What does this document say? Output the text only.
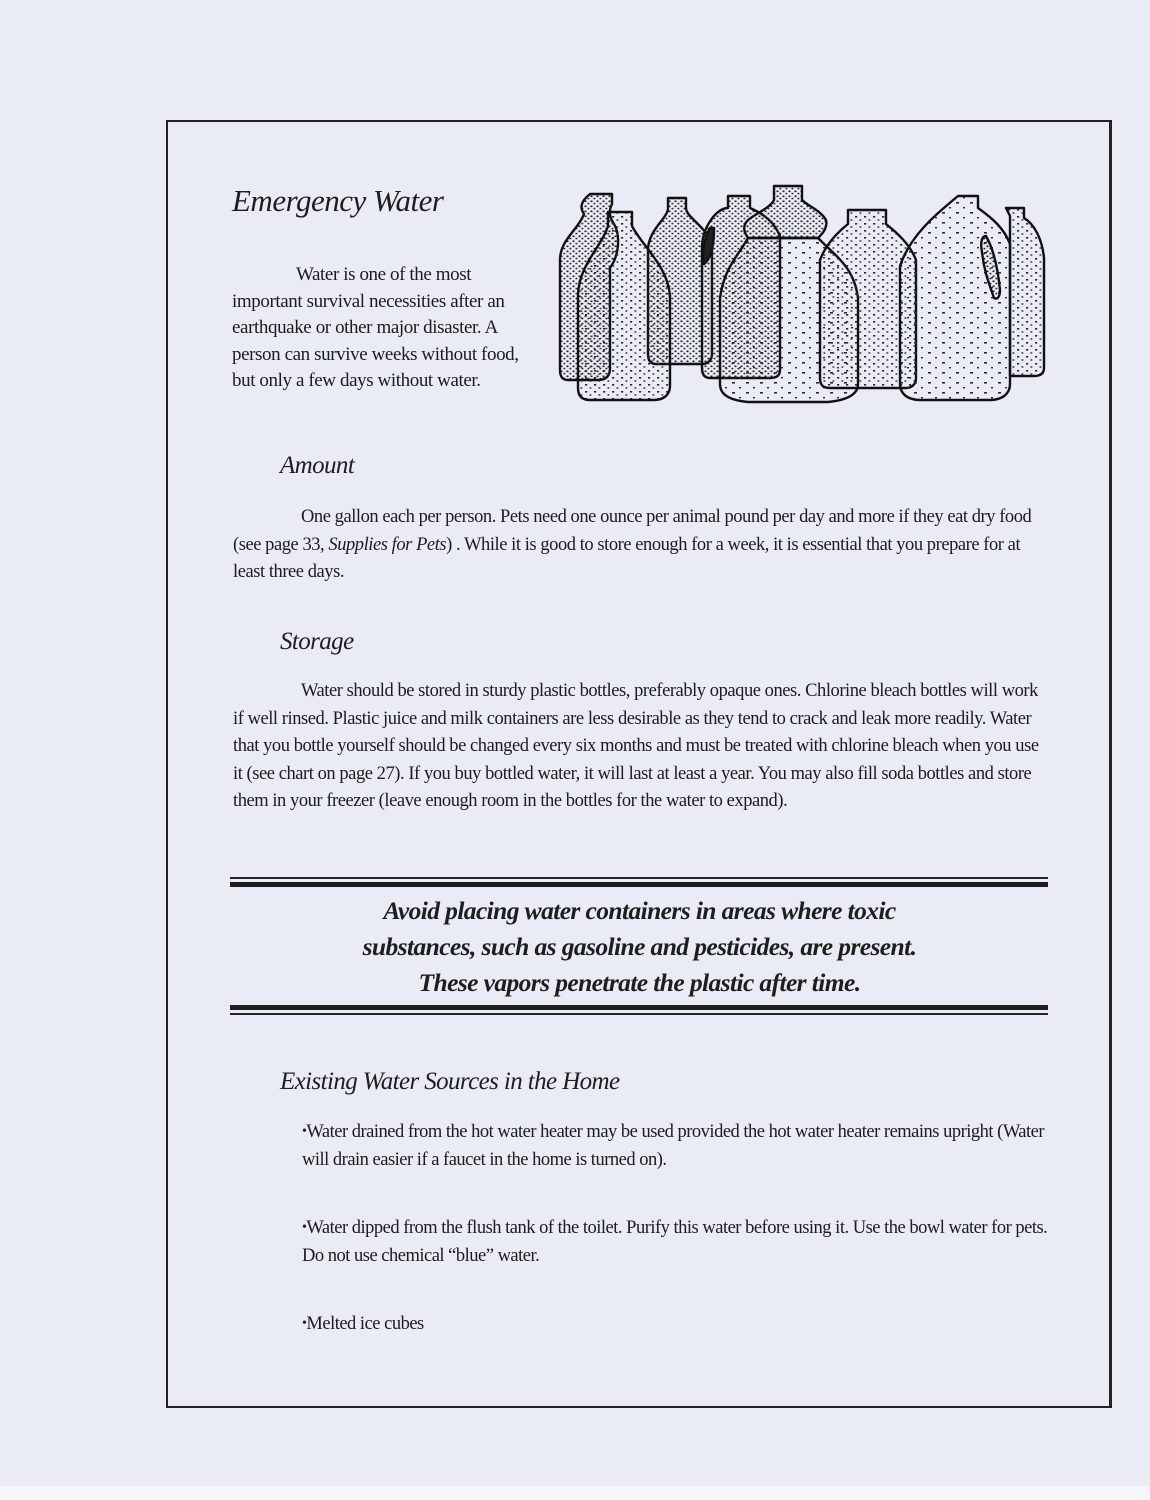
Emergency Water

Water is one of the most important survival necessities after an earthquake or other major disaster. A person can survive weeks without food, but only a few days without water.

Amount

One gallon each per person. Pets need one ounce per animal pound per day and more if they eat dry food (see page 33, Supplies for Pets) . While it is good to store enough for a week, it is essential that you prepare for at least three days.

Storage

Water should be stored in sturdy plastic bottles, preferably opaque ones. Chlorine bleach bottles will work if well rinsed. Plastic juice and milk containers are less desirable as they tend to crack and leak more readily. Water that you bottle yourself should be changed every six months and must be treated with chlorine bleach when you use it (see chart on page 27). If you buy bottled water, it will last at least a year. You may also fill soda bottles and store them in your freezer (leave enough room in the bottles for the water to expand).

Avoid placing water containers in areas where toxic
substances, such as gasoline and pesticides, are present.
These vapors penetrate the plastic after time.
Existing Water Sources in the Home

•Water drained from the hot water heater may be used provided the hot water heater remains upright (Water will drain easier if a faucet in the home is turned on).

•Water dipped from the flush tank of the toilet. Purify this water before using it. Use the bowl water for pets. Do not use chemical “blue” water.

•Melted ice cubes
